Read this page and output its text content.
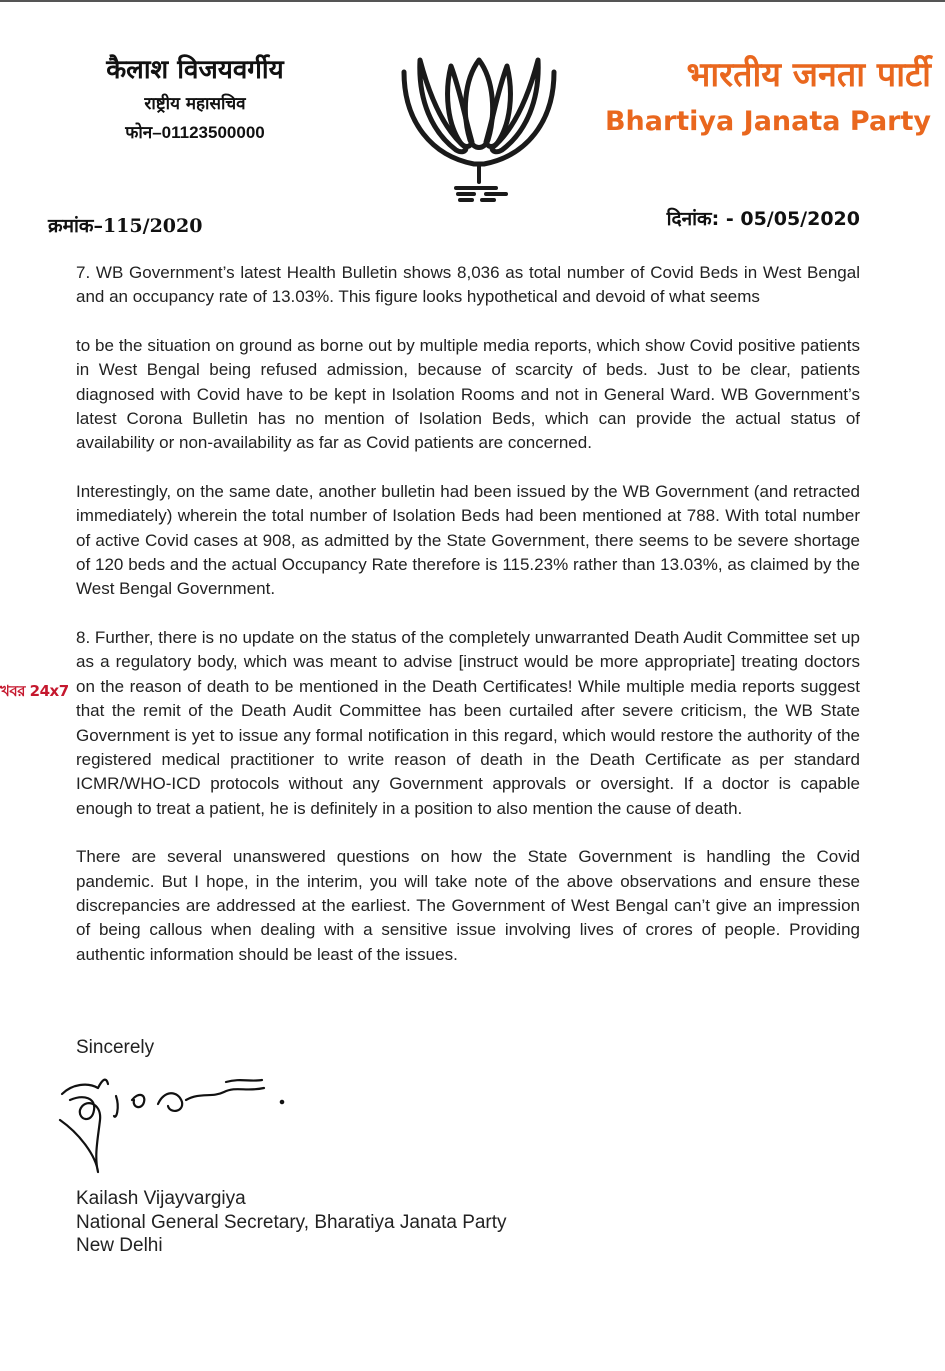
कैलाश विजयवर्गीय
राष्ट्रीय महासचिव
फोन–01123500000
भारतीय जनता पार्टी
Bhartiya Janata Party
क्रमांक–115/2020	दिनांक: - 05/05/2020

7. WB Government’s latest Health Bulletin shows 8,036 as total number of Covid Beds in West Bengal and an occupancy rate of 13.03%. This figure looks hypothetical and devoid of what seems

to be the situation on ground as borne out by multiple media reports, which show Covid positive patients in West Bengal being refused admission, because of scarcity of beds. Just to be clear, patients diagnosed with Covid have to be kept in Isolation Rooms and not in General Ward. WB Government’s latest Corona Bulletin has no mention of Isolation Beds, which can provide the actual status of availability or non-availability as far as Covid patients are concerned.

Interestingly, on the same date, another bulletin had been issued by the WB Government (and retracted immediately) wherein the total number of Isolation Beds had been mentioned at 788. With total number of active Covid cases at 908, as admitted by the State Government, there seems to be severe shortage of 120 beds and the actual Occupancy Rate therefore is 115.23% rather than 13.03%, as claimed by the West Bengal Government.

8. Further, there is no update on the status of the completely unwarranted Death Audit Committee set up as a regulatory body, which was meant to advise [instruct would be more appropriate] treating doctors on the reason of death to be mentioned in the Death Certificates! While multiple media reports suggest that the remit of the Death Audit Committee has been curtailed after severe criticism, the WB State Government is yet to issue any formal notification in this regard, which would restore the authority of the registered medical practitioner to write reason of death in the Death Certificate as per standard ICMR/WHO-ICD protocols without any Government approvals or oversight. If a doctor is capable enough to treat a patient, he is definitely in a position to also mention the cause of death.

There are several unanswered questions on how the State Government is handling the Covid pandemic. But I hope, in the interim, you will take note of the above observations and ensure these discrepancies are addressed at the earliest. The Government of West Bengal can’t give an impression of being callous when dealing with a sensitive issue involving lives of crores of people. Providing authentic information should be least of the issues.

খবর 24x7
Sincerely
Kailash Vijayvargiya
National General Secretary, Bharatiya Janata Party
New Delhi
